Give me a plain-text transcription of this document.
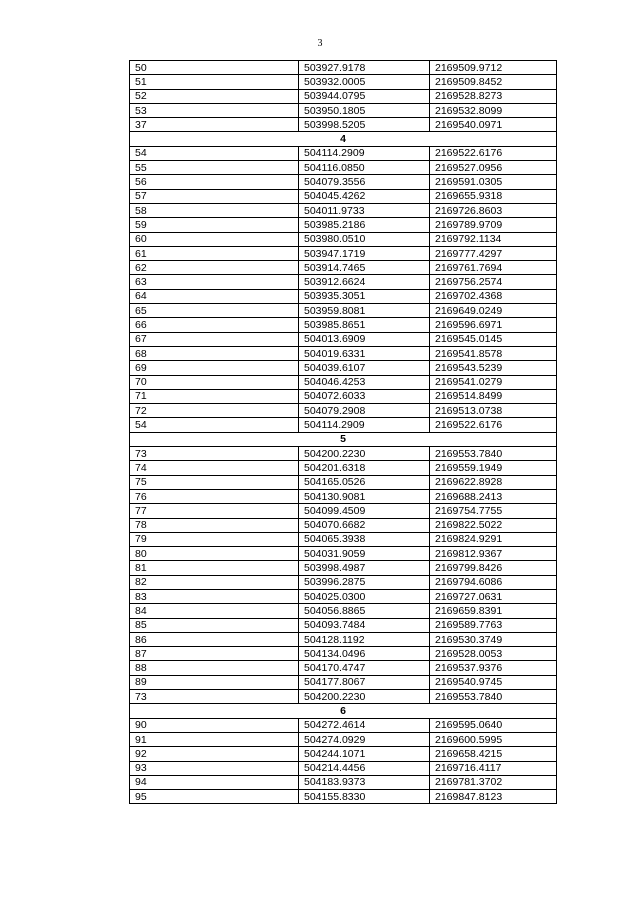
3
50	503927.9178	2169509.9712
51	503932.0005	2169509.8452
52	503944.0795	2169528.8273
53	503950.1805	2169532.8099
37	503998.5205	2169540.0971
4		
54	504114.2909	2169522.6176
55	504116.0850	2169527.0956
56	504079.3556	2169591.0305
57	504045.4262	2169655.9318
58	504011.9733	2169726.8603
59	503985.2186	2169789.9709
60	503980.0510	2169792.1134
61	503947.1719	2169777.4297
62	503914.7465	2169761.7694
63	503912.6624	2169756.2574
64	503935.3051	2169702.4368
65	503959.8081	2169649.0249
66	503985.8651	2169596.6971
67	504013.6909	2169545.0145
68	504019.6331	2169541.8578
69	504039.6107	2169543.5239
70	504046.4253	2169541.0279
71	504072.6033	2169514.8499
72	504079.2908	2169513.0738
54	504114.2909	2169522.6176
5		
73	504200.2230	2169553.7840
74	504201.6318	2169559.1949
75	504165.0526	2169622.8928
76	504130.9081	2169688.2413
77	504099.4509	2169754.7755
78	504070.6682	2169822.5022
79	504065.3938	2169824.9291
80	504031.9059	2169812.9367
81	503998.4987	2169799.8426
82	503996.2875	2169794.6086
83	504025.0300	2169727.0631
84	504056.8865	2169659.8391
85	504093.7484	2169589.7763
86	504128.1192	2169530.3749
87	504134.0496	2169528.0053
88	504170.4747	2169537.9376
89	504177.8067	2169540.9745
73	504200.2230	2169553.7840
6		
90	504272.4614	2169595.0640
91	504274.0929	2169600.5995
92	504244.1071	2169658.4215
93	504214.4456	2169716.4117
94	504183.9373	2169781.3702
95	504155.8330	2169847.8123
